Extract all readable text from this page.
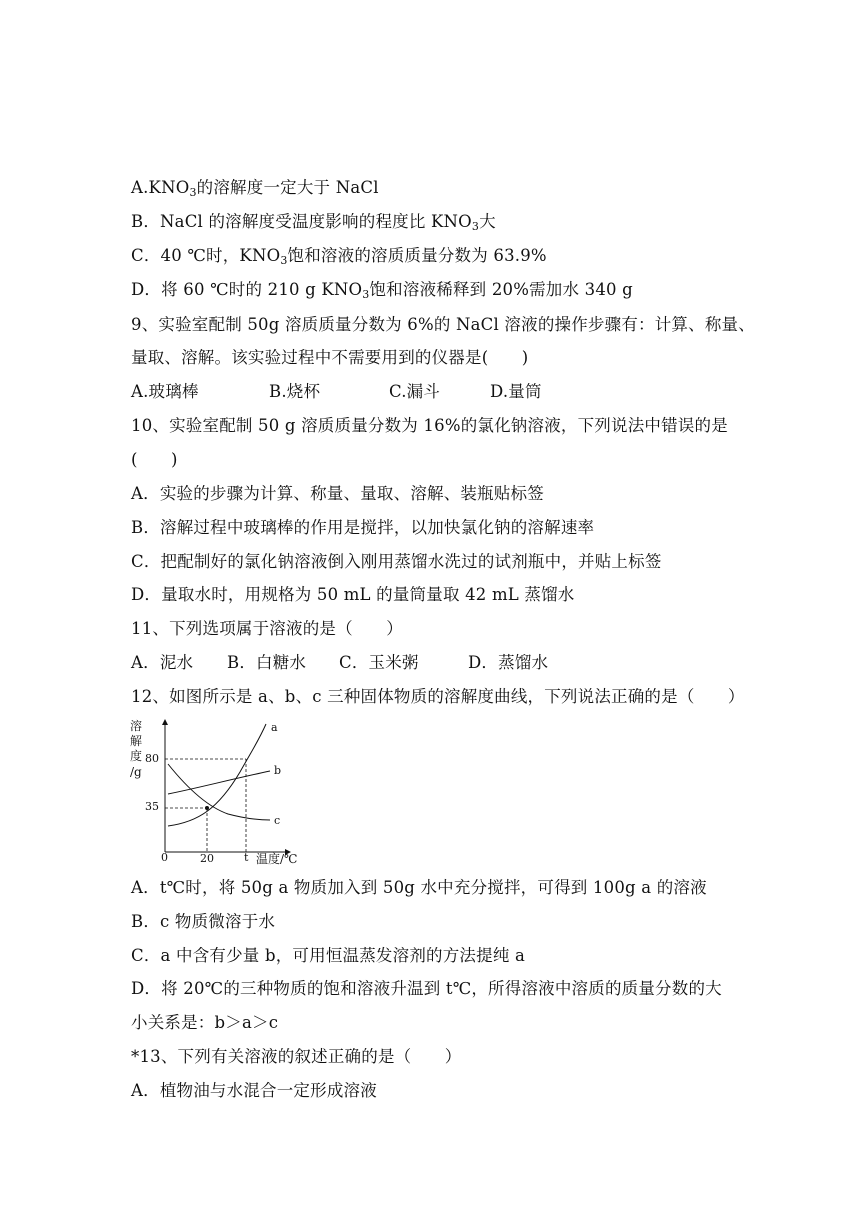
$A.KNO_3$的溶解度一定大于 NaCl
B．NaCl 的溶解度受温度影响的程度比 $KNO_3$大
C．40 ℃时，$KNO_3$饱和溶液的溶质质量分数为 63.9%
D．将 60 ℃时的 210 g $KNO_3$饱和溶液稀释到 20%需加水 340 g
9、实验室配制 50g 溶质质量分数为 6%的 NaCl 溶液的操作步骤有：计算、称量、
量取、溶解。该实验过程中不需要用到的仪器是(　　)
A.玻璃棒	B.烧杯	C.漏斗	D.量筒
10、实验室配制 50 g 溶质质量分数为 16%的氯化钠溶液，下列说法中错误的是
(　　)
A．实验的步骤为计算、称量、量取、溶解、装瓶贴标签
B．溶解过程中玻璃棒的作用是搅拌，以加快氯化钠的溶解速率
C．把配制好的氯化钠溶液倒入刚用蒸馏水洗过的试剂瓶中，并贴上标签
D．量取水时，用规格为 50 mL 的量筒量取 42 mL 蒸馏水
11、下列选项属于溶液的是（　　）
A．泥水 B．白糖水 C．玉米粥	D．蒸馏水
12、如图所示是 a、b、c 三种固体物质的溶解度曲线，下列说法正确的是（　　）
溶
解
度
/g
80
35
0	20	t 温度/℃
a
b
c
A．t℃时，将 50g a 物质加入到 50g 水中充分搅拌，可得到 100g a 的溶液
B．c 物质微溶于水
C．a 中含有少量 b，可用恒温蒸发溶剂的方法提纯 a
D．将 20℃的三种物质的饱和溶液升温到 t℃，所得溶液中溶质的质量分数的大
小关系是：b＞a＞c
*13、下列有关溶液的叙述正确的是（　　）
A．植物油与水混合一定形成溶液
